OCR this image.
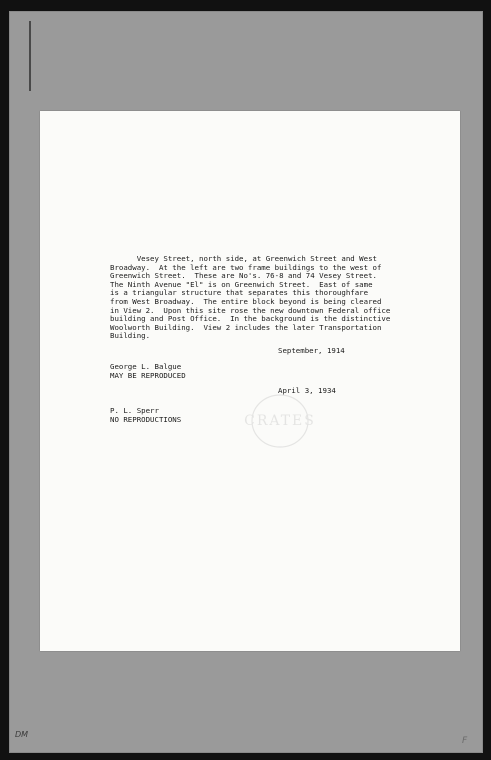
Vesey Street, north side, at Greenwich Street and West
Broadway.  At the left are two frame buildings to the west of
Greenwich Street.  These are No's. 76-8 and 74 Vesey Street.
The Ninth Avenue "El" is on Greenwich Street.  East of same
is a triangular structure that separates this thoroughfare
from West Broadway.  The entire block beyond is being cleared
in View 2.  Upon this site rose the new downtown Federal office
building and Post Office.  In the background is the distinctive
Woolworth Building.  View 2 includes the later Transportation
Building.
September, 1914
George L. Balgue
MAY BE REPRODUCED
April 3, 1934
P. L. Sperr
NO REPRODUCTIONS	CRATES
DM
F
